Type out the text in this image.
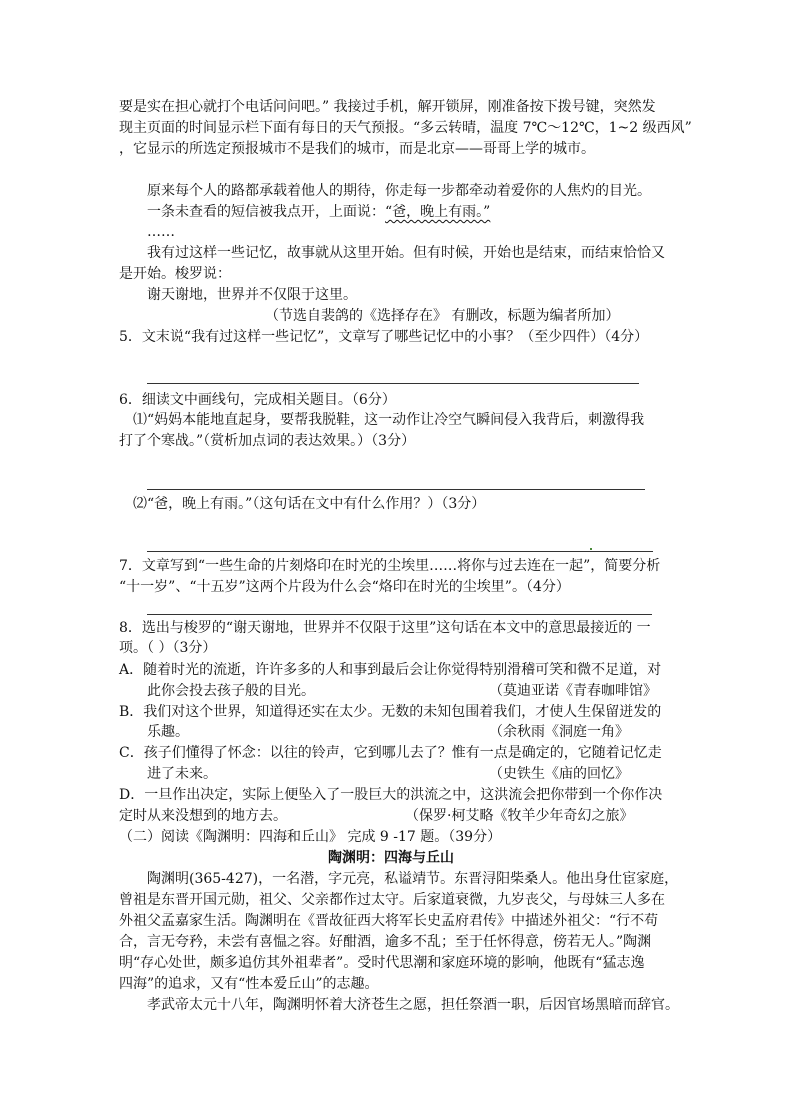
要是实在担心就打个电话问问吧。” 我接过手机，解开锁屏，刚准备按下拨号键，突然发
现主页面的时间显示栏下面有每日的天气预报。“多云转晴，温度 7℃～12℃，1~2 级西风”
，它显示的所选定预报城市不是我们的城市，而是北京——哥哥上学的城市。
原来每个人的路都承载着他人的期待，你走每一步都牵动着爱你的人焦灼的目光。
一条未查看的短信被我点开，上面说：“爸，晚上有雨。”
……
我有过这样一些记忆，故事就从这里开始。但有时候，开始也是结束，而结束恰恰又
是开始。梭罗说：
谢天谢地，世界并不仅限于这里。
（节选自裴鸽的《选择存在》 有删改，标题为编者所加）
5．文末说“我有过这样一些记忆”，文章写了哪些记忆中的小事？（至少四件）（4分）
6．细读文中画线句，完成相关题目。（6分）
⑴“妈妈本能地直起身，要帮我脱鞋，这一动作让冷空气瞬间侵入我背后，刺激得我
打了个寒战。”（赏析加点词的表达效果。）（3分）
⑵“爸，晚上有雨。”（这句话在文中有什么作用？）（3分）
7．文章写到“一些生命的片刻烙印在时光的尘埃里……将你与过去连在一起”，简要分析
“十一岁”、“十五岁”这两个片段为什么会“烙印在时光的尘埃里”。（4分）
8．选出与梭罗的“谢天谢地，世界并不仅限于这里”这句话在本文中的意思最接近的 一
项。（ ）（3分）
A．随着时光的流逝，许许多多的人和事到最后会让你觉得特别滑稽可笑和微不足道，对
此你会投去孩子般的目光。	（莫迪亚诺《青春咖啡馆》
B．我们对这个世界，知道得还实在太少。无数的未知包围着我们，才使人生保留迸发的
乐趣。	（余秋雨《洞庭一角》
C．孩子们懂得了怀念：以往的铃声，它到哪儿去了？惟有一点是确定的，它随着记忆走
进了未来。	（史铁生《庙的回忆》
D．一旦作出决定，实际上便坠入了一股巨大的洪流之中，这洪流会把你带到一个你作决
定时从来没想到的地方去。	（保罗·柯艾略《牧羊少年奇幻之旅》
（二）阅读《陶渊明：四海和丘山》 完成 9 -17 题。（39分）
陶渊明：四海与丘山
陶渊明(365-427)，一名潜，字元亮，私谥靖节。东晋浔阳柴桑人。他出身仕宦家庭，
曾祖是东晋开国元勋，祖父、父亲都作过太守。后家道衰微，九岁丧父，与母妹三人多在
外祖父孟嘉家生活。陶渊明在《晋故征西大将军长史孟府君传》中描述外祖父：“行不苟
合，言无夸矜，未尝有喜愠之容。好酣酒，逾多不乱；至于任怀得意，傍若无人。”陶渊
明“存心处世，颇多追仿其外祖辈者”。受时代思潮和家庭环境的影响，他既有“猛志逸
四海”的追求，又有“性本爱丘山”的志趣。
孝武帝太元十八年，陶渊明怀着大济苍生之愿，担任祭酒一职，后因官场黑暗而辞官。
